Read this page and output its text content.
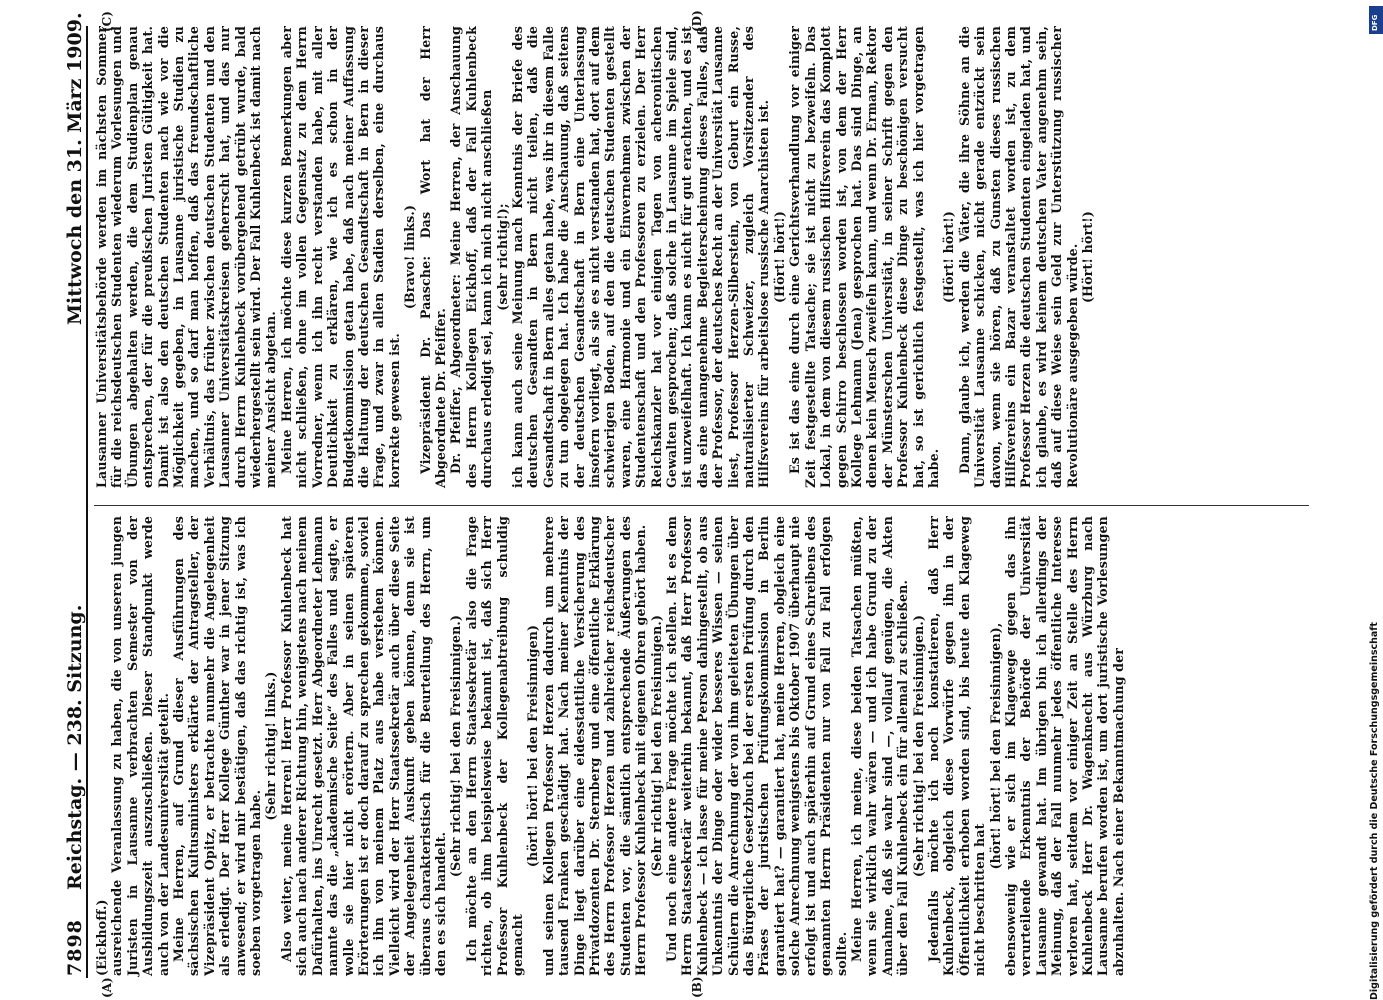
7898
Reichstag. — 238. Sitzung.
Mittwoch den 31. März 1909.

(Eickhoff.) ausreichende Veranlassung zu haben, die von unseren jungen Juristen in Lausanne verbrachten Semester von der Ausbildungszeit auszuschließen. Dieser Standpunkt werde auch von der Landesuniversität geteilt. Meine Herren, auf Grund dieser Ausführungen des sächsischen Kultusministers erklärte der Antragsteller, der Vizepräsident Opitz, er betrachte nunmehr die Angelegenheit als erledigt. Der Herr Kollege Günther war in jener Sitzung anwesend; er wird mir bestätigen, daß das richtig ist, was ich soeben vorgetragen habe.

(Sehr richtig! links.) Also weiter, meine Herren! Herr Professor Kuhlenbeck hat sich auch nach anderer Richtung hin, wenigstens nach meinem Dafürhalten, ins Unrecht gesetzt. Herr Abgeordneter Lehmann nannte das die „akademische Seite“ des Falles und sagte, er wolle sie hier nicht erörtern. Aber in seinen späteren Erörterungen ist er doch darauf zu sprechen gekommen, soviel ich ihn von meinem Platz aus habe verstehen können. Vielleicht wird der Herr Staatssekretär auch über diese Seite der Angelegenheit Auskunft geben können, denn sie ist überaus charakteristisch für die Beurteilung des Herrn, um den es sich handelt.

(Sehr richtig! bei den Freisinnigen.) Ich möchte an den Herrn Staatssekretär also die Frage richten, ob ihm beispielsweise bekannt ist, daß sich Herr Professor Kuhlenbeck der Kollegenabtreibung schuldig gemacht

(hört! hört! bei den Freisinnigen) und seinen Kollegen Professor Herzen dadurch um mehrere tausend Franken geschädigt hat. Nach meiner Kenntnis der Dinge liegt darüber eine eidesstattliche Versicherung des Privatdozenten Dr. Sternberg und eine öffentliche Erklärung des Herrn Professor Herzen und zahlreicher reichsdeutscher Studenten vor, die sämtlich entsprechende Äußerungen des Herrn Professor Kuhlenbeck mit eigenen Ohren gehört haben. (Sehr richtig! bei den Freisinnigen.) Und noch eine andere Frage möchte ich stellen. Ist es dem Herrn Staatssekretär weiterhin bekannt, daß Herr Professor Kuhlenbeck — ich lasse für meine Person dahingestellt, ob aus Unkenntnis der Dinge oder wider besseres Wissen — seinen Schülern die Anrechnung der von ihm geleiteten Übungen über das Bürgerliche Gesetzbuch bei der ersten Prüfung durch den Präses der juristischen Prüfungskommission in Berlin garantiert hat? — garantiert hat, meine Herren, obgleich eine solche Anrechnung wenigstens bis Oktober 1907 überhaupt nie erfolgt ist und auch späterhin auf Grund eines Schreibens des genannten Herrn Präsidenten nur von Fall zu Fall erfolgen sollte. Meine Herren, ich meine, diese beiden Tatsachen müßten, wenn sie wirklich wahr wären — und ich habe Grund zu der Annahme, daß sie wahr sind —, vollauf genügen, die Akten über den Fall Kuhlenbeck ein für allemal zu schließen. (Sehr richtig! bei den Freisinnigen.) Jedenfalls möchte ich noch konstatieren, daß Herr Kuhlenbeck, obgleich diese Vorwürfe gegen ihn in der Öffentlichkeit erhoben worden sind, bis heute den Klageweg nicht beschritten hat

(hört! hört! bei den Freisinnigen), ebensowenig wie er sich im Klagewege gegen das ihn verurteilende Erkenntnis der Behörde der Universität Lausanne gewandt hat. Im übrigen bin ich allerdings der Meinung, daß der Fall nunmehr jedes öffentliche Interesse verloren hat, seitdem vor einiger Zeit an Stelle des Herrn Kuhlenbeck Herr Dr. Wagenknecht aus Würzburg nach Lausanne berufen worden ist, um dort juristische Vorlesungen abzuhalten. Nach einer Bekanntmachung der

Lausanner Universitätsbehörde werden im nächsten Sommer für die reichsdeutschen Studenten wiederum Vorlesungen und Übungen abgehalten werden, die dem Studienplan genau entsprechen, der für die preußischen Juristen Gültigkeit hat. Damit ist also den deutschen Studenten nach wie vor die Möglichkeit gegeben, in Lausanne juristische Studien zu machen, und so darf man hoffen, daß das freundschaftliche Verhältnis, das früher zwischen deutschen Studenten und den Lausanner Universitätskreisen geherrscht hat, und das nur durch Herrn Kuhlenbeck vorübergehend getrübt wurde, bald wiederhergestellt sein wird. Der Fall Kuhlenbeck ist damit nach meiner Ansicht abgetan. Meine Herren, ich möchte diese kurzen Bemerkungen aber nicht schließen, ohne im vollen Gegensatz zu dem Herrn Vorredner, wenn ich ihn recht verstanden habe, mit aller Deutlichkeit zu erklären, wie ich es schon in der Budgetkommission getan habe, daß nach meiner Auffassung die Haltung der deutschen Gesandtschaft in Bern in dieser Frage, und zwar in allen Stadien derselben, eine durchaus korrekte gewesen ist.

(Bravo! links.) Vizepräsident Dr. Paasche: Das Wort hat der Herr Abgeordnete Dr. Pfeiffer. Dr. Pfeiffer, Abgeordneter: Meine Herren, der Anschauung des Herrn Kollegen Eickhoff, daß der Fall Kuhlenbeck durchaus erledigt sei, kann ich mich nicht anschließen (sehr richtig!); ich kann auch seine Meinung nach Kenntnis der Briefe des deutschen Gesandten in Bern nicht teilen, daß die Gesandtschaft in Bern alles getan habe, was ihr in diesem Falle zu tun obgelegen hat. Ich habe die Anschauung, daß seitens der deutschen Gesandtschaft in Bern eine Unterlassung insofern vorliegt, als sie es nicht verstanden hat, dort auf dem schwierigen Boden, auf den die deutschen Studenten gestellt waren, eine Harmonie und ein Einvernehmen zwischen der Studentenschaft und den Professoren zu erzielen. Der Herr Reichskanzler hat vor einigen Tagen von acheronitischen Gewalten gesprochen; daß solche in Lausanne im Spiele sind, ist unzweifelhaft. Ich kann es nicht für gut erachten, und es ist das eine unangenehme Begleiterscheinung dieses Falles, daß der Professor, der deutsches Recht an der Universität Lausanne liest, Professor Herzen-Silberstein, von Geburt ein Russe, naturalisierter Schweizer, zugleich Vorsitzender des Hilfsvereins für arbeitslose russische Anarchisten ist. (Hört! hört!) Es ist das eine durch eine Gerichtsverhandlung vor einiger Zeit festgestellte Tatsache; sie ist nicht zu bezweifeln. Das Lokal, in dem von diesem russischen Hilfsverein das Komplott gegen Schirro beschlossen worden ist, von dem der Herr Kollege Lehmann (Jena) gesprochen hat. Das sind Dinge, an denen kein Mensch zweifeln kann, und wenn Dr. Erman, Rektor der Münsterschen Universität, in seiner Schrift gegen den Professor Kuhlenbeck diese Dinge zu beschönigen versucht hat, so ist gerichtlich festgestellt, was ich hier vorgetragen habe.

(Hört! hört!) Dann, glaube ich, werden die Väter, die ihre Söhne an die Universität Lausanne schicken, nicht gerade entzückt sein davon, wenn sie hören, daß zu Gunsten dieses russischen Hilfsvereins ein Bazar veranstaltet worden ist, zu dem Professor Herzen die deutschen Studenten eingeladen hat, und ich glaube, es wird keinem deutschen Vater angenehm sein, daß auf diese Weise sein Geld zur Unterstützung russischer Revolutionäre ausgegeben würde. (Hört! hört!)

(A)	(B)
(C)	(D)	DFG
Digitalisierung gefördert durch die Deutsche Forschungsgemeinschaft
